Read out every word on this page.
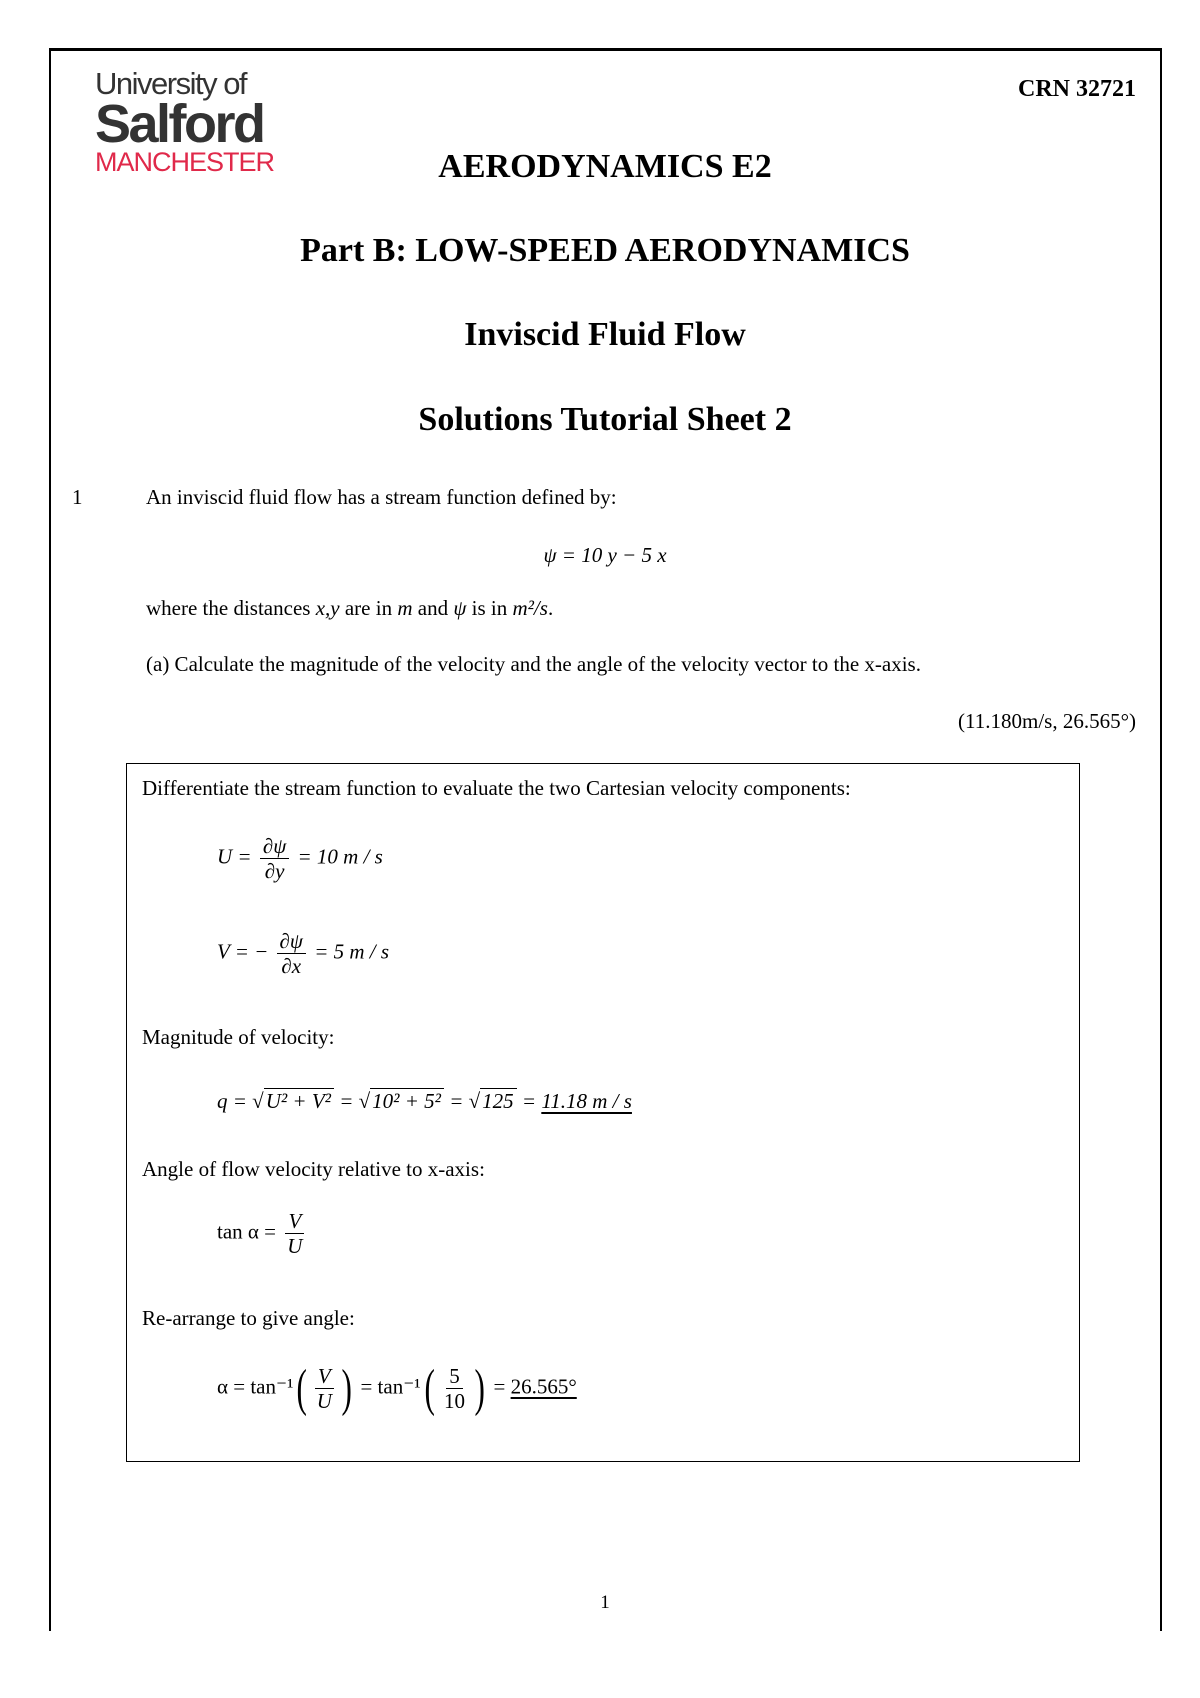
University of
Salford
MANCHESTER
CRN 32721
AERODYNAMICS E2
Part B: LOW-SPEED AERODYNAMICS
Inviscid Fluid Flow
Solutions Tutorial Sheet 2
1	An inviscid fluid flow has a stream function defined by:
ψ = 10 y − 5 x
where the distances x,y are in m and ψ is in m²/s.
(a) Calculate the magnitude of the velocity and the angle of the velocity vector to the x-axis.
(11.180m/s, 26.565°)
Differentiate the stream function to evaluate the two Cartesian velocity components:
$U = \frac{\partial\psi}{\partial y} = 10$ m / s
V = − $\frac{\partial\psi}{\partial x} = 5$ m / s
Magnitude of velocity:
q = √U² + V² = √10² + 5² = √125 = 11.18 m / s
Angle of flow velocity relative to x-axis:
$\tan \alpha = \frac{V}{U}$
Re-arrange to give angle:
$\alpha = \tan^{-1}( \frac{V}{U}$ ) = $\tan^{-1}( \frac{5}{10}$ ) = 26.565°
1
